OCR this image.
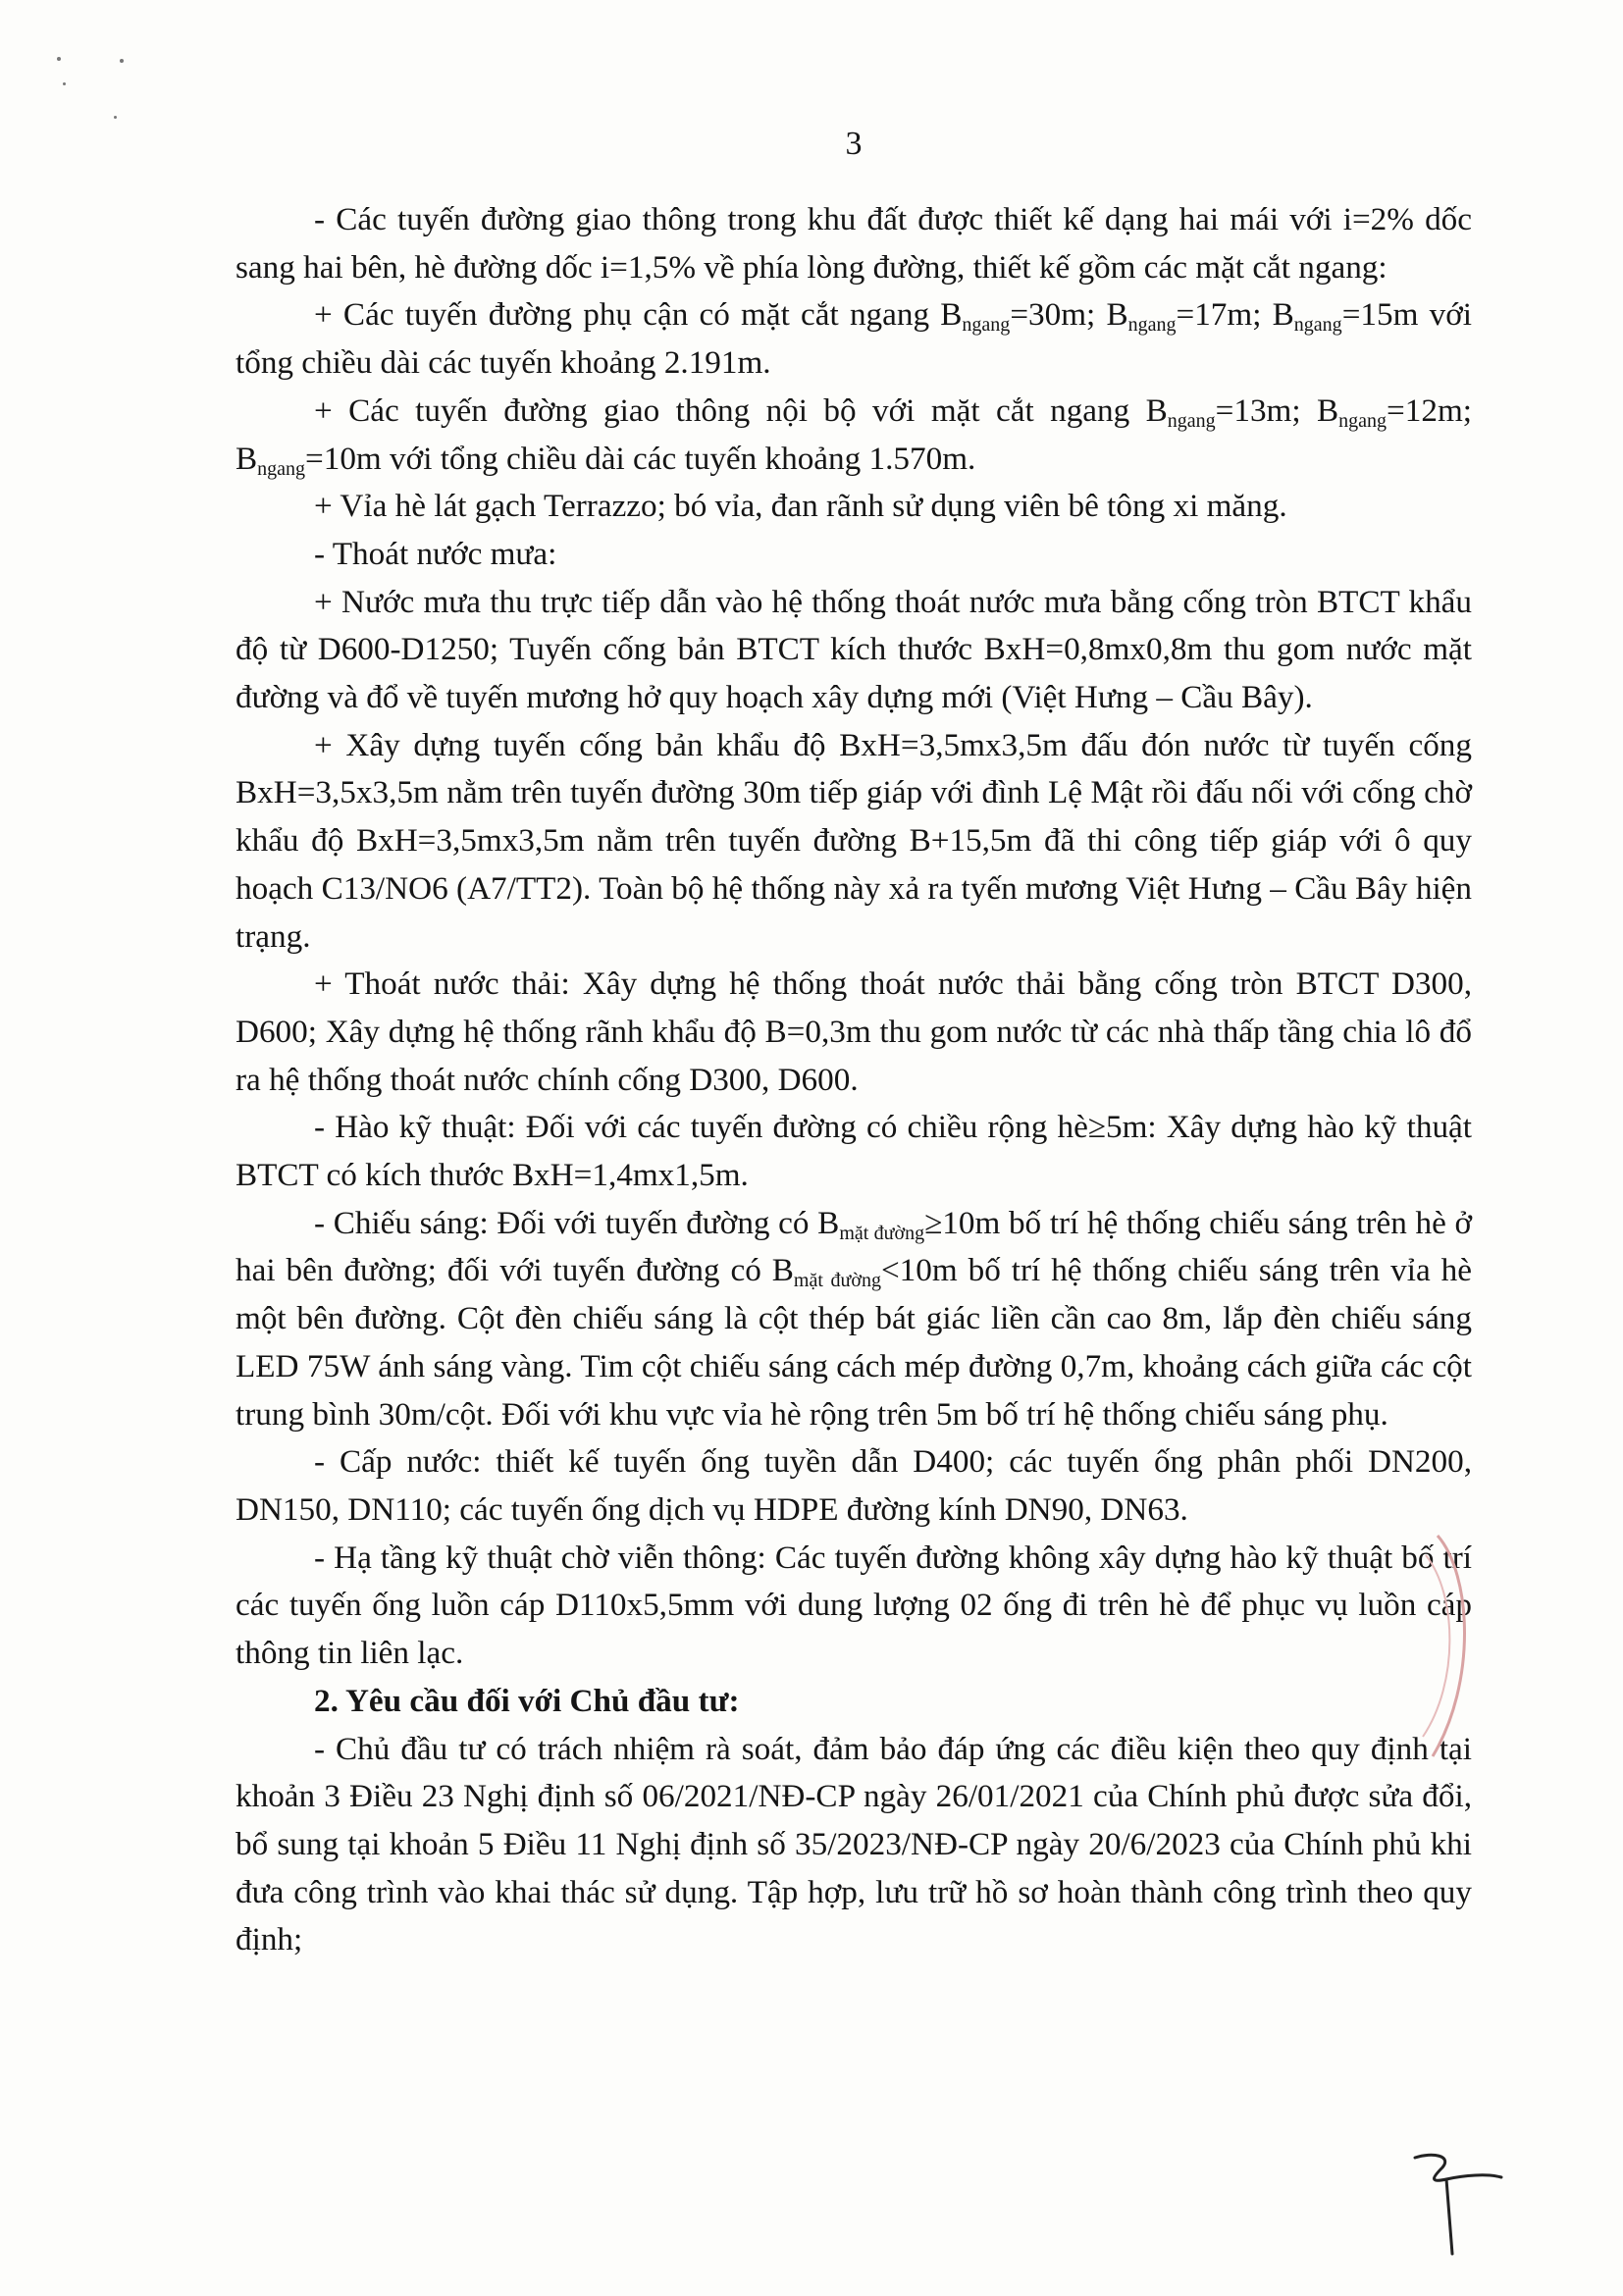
3

- Các tuyến đường giao thông trong khu đất được thiết kế dạng hai mái với i=2% dốc sang hai bên, hè đường dốc i=1,5% về phía lòng đường, thiết kế gồm các mặt cắt ngang:

+ Các tuyến đường phụ cận có mặt cắt ngang $B_{ngang}=30m$; $B_{ngang}=17m$; $B_{ngang}=15m$ với tổng chiều dài các tuyến khoảng 2.191m.

+ Các tuyến đường giao thông nội bộ với mặt cắt ngang $B_{ngang}=13m$; $B_{ngang}=12m$; $B_{ngang}=10m$ với tổng chiều dài các tuyến khoảng 1.570m.

+ Vỉa hè lát gạch Terrazzo; bó vỉa, đan rãnh sử dụng viên bê tông xi măng.

- Thoát nước mưa:

+ Nước mưa thu trực tiếp dẫn vào hệ thống thoát nước mưa bằng cống tròn BTCT khẩu độ từ D600-D1250; Tuyến cống bản BTCT kích thước BxH=0,8mx0,8m thu gom nước mặt đường và đổ về tuyến mương hở quy hoạch xây dựng mới (Việt Hưng – Cầu Bây).

+ Xây dựng tuyến cống bản khẩu độ BxH=3,5mx3,5m đấu đón nước từ tuyến cống BxH=3,5x3,5m nằm trên tuyến đường 30m tiếp giáp với đình Lệ Mật rồi đấu nối với cống chờ khẩu độ BxH=3,5mx3,5m nằm trên tuyến đường B+15,5m đã thi công tiếp giáp với ô quy hoạch C13/NO6 (A7/TT2). Toàn bộ hệ thống này xả ra tyến mương Việt Hưng – Cầu Bây hiện trạng.

+ Thoát nước thải: Xây dựng hệ thống thoát nước thải bằng cống tròn BTCT D300, D600; Xây dựng hệ thống rãnh khẩu độ B=0,3m thu gom nước từ các nhà thấp tầng chia lô đổ ra hệ thống thoát nước chính cống D300, D600.

- Hào kỹ thuật: Đối với các tuyến đường có chiều rộng hè≥5m: Xây dựng hào kỹ thuật BTCT có kích thước BxH=1,4mx1,5m.

- Chiếu sáng: Đối với tuyến đường có $B_{mặt đường}\ge 10m$ bố trí hệ thống chiếu sáng trên hè ở hai bên đường; đối với tuyến đường có $B_{mặt đường}<10m$ bố trí hệ thống chiếu sáng trên vỉa hè một bên đường. Cột đèn chiếu sáng là cột thép bát giác liền cần cao 8m, lắp đèn chiếu sáng LED 75W ánh sáng vàng. Tim cột chiếu sáng cách mép đường 0,7m, khoảng cách giữa các cột trung bình 30m/cột. Đối với khu vực vỉa hè rộng trên 5m bố trí hệ thống chiếu sáng phụ.

- Cấp nước: thiết kế tuyến ống tuyền dẫn D400; các tuyến ống phân phối DN200, DN150, DN110; các tuyến ống dịch vụ HDPE đường kính DN90, DN63.

- Hạ tầng kỹ thuật chờ viễn thông: Các tuyến đường không xây dựng hào kỹ thuật bố trí các tuyến ống luồn cáp D110x5,5mm với dung lượng 02 ống đi trên hè để phục vụ luồn cáp thông tin liên lạc.

2. Yêu cầu đối với Chủ đầu tư:

- Chủ đầu tư có trách nhiệm rà soát, đảm bảo đáp ứng các điều kiện theo quy định tại khoản 3 Điều 23 Nghị định số 06/2021/NĐ-CP ngày 26/01/2021 của Chính phủ được sửa đổi, bổ sung tại khoản 5 Điều 11 Nghị định số 35/2023/NĐ-CP ngày 20/6/2023 của Chính phủ khi đưa công trình vào khai thác sử dụng. Tập hợp, lưu trữ hồ sơ hoàn thành công trình theo quy định;
